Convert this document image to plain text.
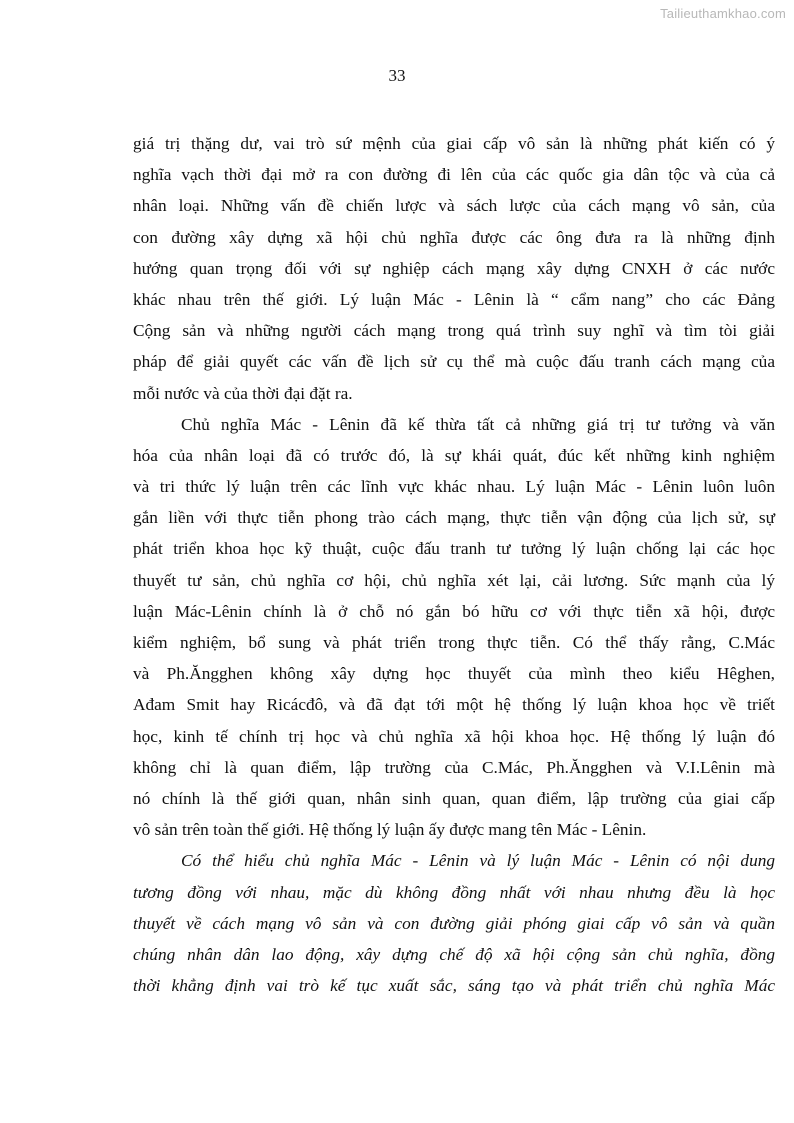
Tailieuthamkhao.com
33
giá trị thặng dư, vai trò sứ mệnh của giai cấp vô sản là những phát kiến có ý
nghĩa vạch thời đại mở ra con đường đi lên của các quốc gia dân tộc và của cả
nhân loại. Những vấn đề chiến lược và sách lược của cách mạng vô sản, của
con đường xây dựng xã hội chủ nghĩa được các ông đưa ra là những định
hướng quan trọng đối với sự nghiệp cách mạng xây dựng CNXH ở các nước
khác nhau trên thế giới. Lý luận Mác - Lênin là “ cẩm nang” cho các Đảng
Cộng sản và những người cách mạng trong quá trình suy nghĩ và tìm tòi giải
pháp để giải quyết các vấn đề lịch sử cụ thể mà cuộc đấu tranh cách mạng của
mỗi nước và của thời đại đặt ra.
Chủ nghĩa Mác - Lênin đã kế thừa tất cả những giá trị tư tưởng và văn
hóa của nhân loại đã có trước đó, là sự khái quát, đúc kết những kinh nghiệm
và tri thức lý luận trên các lĩnh vực khác nhau. Lý luận Mác - Lênin luôn luôn
gắn liền với thực tiễn phong trào cách mạng, thực tiễn vận động của lịch sử, sự
phát triển khoa học kỹ thuật, cuộc đấu tranh tư tưởng lý luận chống lại các học
thuyết tư sản, chủ nghĩa cơ hội, chủ nghĩa xét lại, cải lương. Sức mạnh của lý
luận Mác-Lênin chính là ở chỗ nó gắn bó hữu cơ với thực tiễn xã hội, được
kiểm nghiệm, bổ sung và phát triển trong thực tiễn. Có thể thấy rằng, C.Mác
và Ph.Ăngghen không xây dựng học thuyết của mình theo kiểu Hêghen,
Ađam Smit hay Ricácđô, và đã đạt tới một hệ thống lý luận khoa học về triết
học, kinh tế chính trị học và chủ nghĩa xã hội khoa học. Hệ thống lý luận đó
không chỉ là quan điểm, lập trường của C.Mác, Ph.Ăngghen và V.I.Lênin mà
nó chính là thế giới quan, nhân sinh quan, quan điểm, lập trường của giai cấp
vô sản trên toàn thế giới. Hệ thống lý luận ấy được mang tên Mác - Lênin.
Có thể hiểu chủ nghĩa Mác - Lênin và lý luận Mác - Lênin có nội dung
tương đồng với nhau, mặc dù không đồng nhất với nhau nhưng đều là học
thuyết về cách mạng vô sản và con đường giải phóng giai cấp vô sản và quần
chúng nhân dân lao động, xây dựng chế độ xã hội cộng sản chủ nghĩa, đồng
thời khẳng định vai trò kế tục xuất sắc, sáng tạo và phát triển chủ nghĩa Mác
